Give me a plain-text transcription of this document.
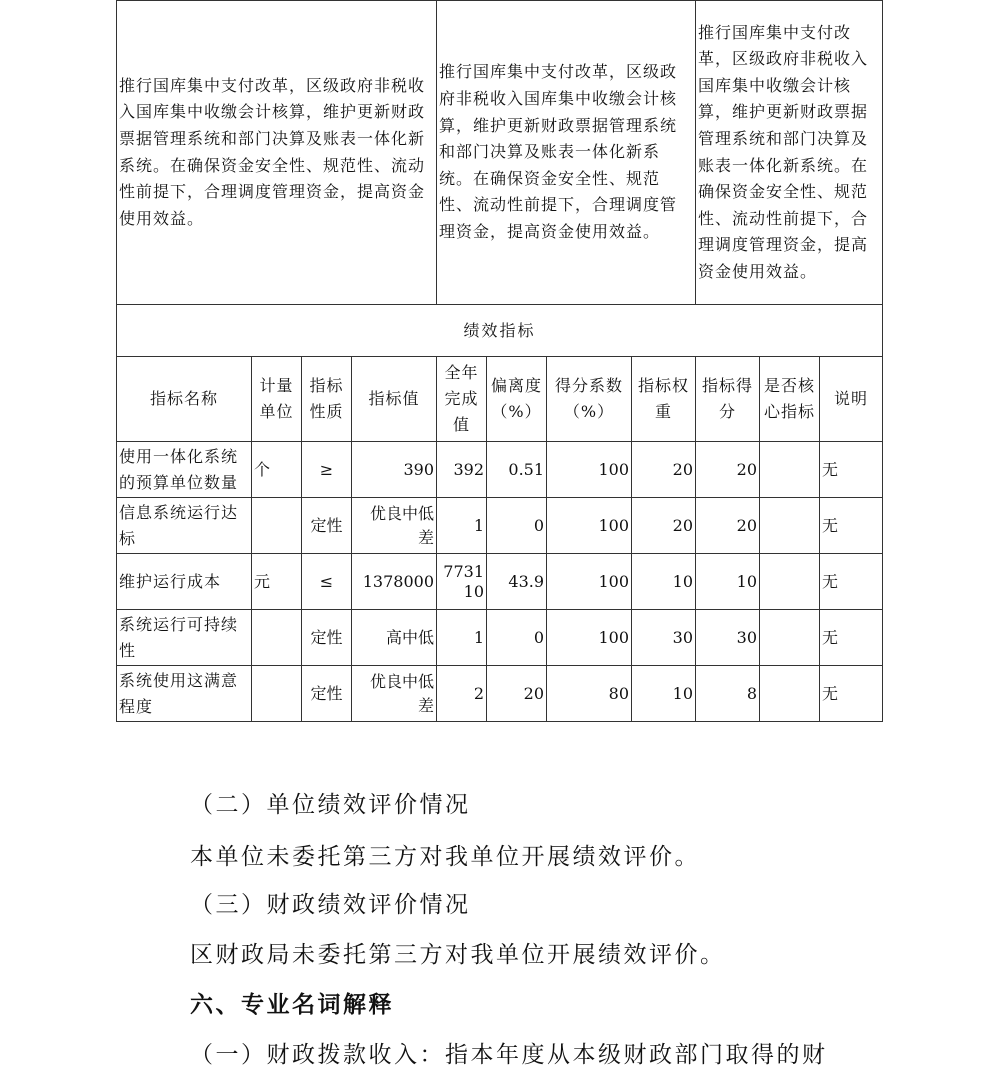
推行国库集中支付改革，区级政府非税收入国库集中收缴会计核算，维护更新财政票据管理系统和部门决算及账表一体化新系统。在确保资金安全性、规范性、流动性前提下，合理调度管理资金，提高资金使用效益。				推行国库集中支付改革，区级政府非税收入国库集中收缴会计核算，维护更新财政票据管理系统和部门决算及账表一体化新系统。在确保资金安全性、规范性、流动性前提下，合理调度管理资金，提高资金使用效益。				推行国库集中支付改革，区级政府非税收入国库集中收缴会计核算，维护更新财政票据管理系统和部门决算及账表一体化新系统。在确保资金安全性、规范性、流动性前提下，合理调度管理资金，提高资金使用效益。		

绩效指标										
指标名称	计量单位	指标性质	指标值	全年完成值	偏离度（%）	得分系数（%）	指标权重	指标得分	是否核心指标	说明
使用一体化系统的预算单位数量	个	≥	390	392	0.51	100	20	20		无
信息系统运行达标		定性	优良中低差	1	0	100	20	20		无
维护运行成本	元	≤	1378000	773110	43.9	100	10	10		无
系统运行可持续性		定性	高中低	1	0	100	30	30		无
系统使用这满意程度		定性	优良中低差	2	20	80	10	8		无
（二）单位绩效评价情况
本单位未委托第三方对我单位开展绩效评价。
（三）财政绩效评价情况
区财政局未委托第三方对我单位开展绩效评价。
六、专业名词解释
（一）财政拨款收入：指本年度从本级财政部门取得的财
